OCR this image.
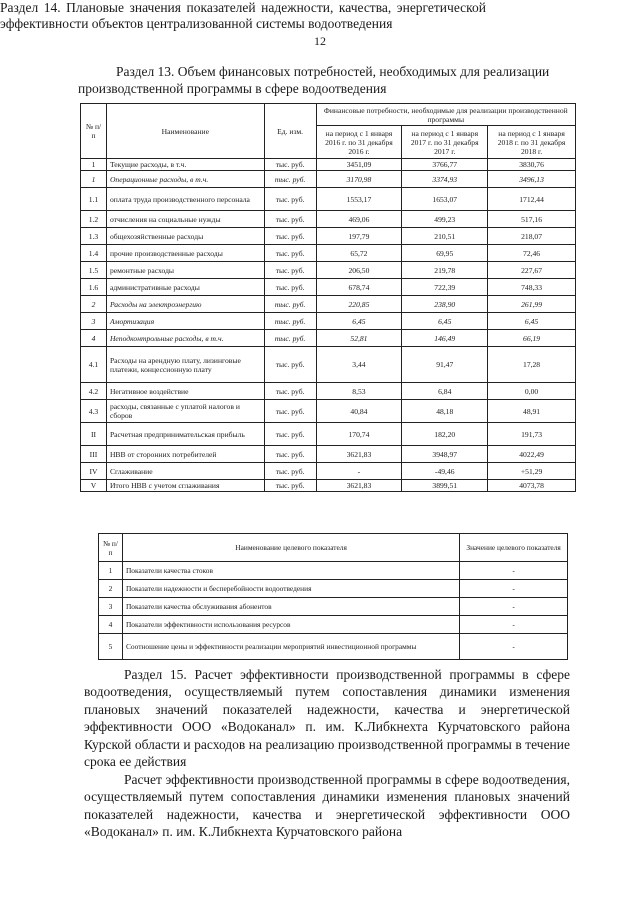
12
Раздел 13. Объем финансовых потребностей, необходимых для реализации
производственной программы в сфере водоотведения
№ п/п	Наименование	Ед. изм.	Финансовые потребности, необходимые для реализации производственной программы		
			на период с 1 января 2016 г. по 31 декабря 2016 г.	на период с 1 января 2017 г. по 31 декабря 2017 г.	на период с 1 января 2018 г. по 31 декабря 2018 г.
1	Текущие расходы, в т.ч.	тыс. руб.	3451,09	3766,77	3830,76
1	Операционные расходы, в т.ч.	тыс. руб.	3170,98	3374,93	3496,13
1.1	оплата труда производственного персонала	тыс. руб.	1553,17	1653,07	1712,44
1.2	отчисления на социальные нужды	тыс. руб.	469,06	499,23	517,16
1.3	общехозяйственные расходы	тыс. руб.	197,79	210,51	218,07
1.4	прочие производственные расходы	тыс. руб.	65,72	69,95	72,46
1.5	ремонтные расходы	тыс. руб.	206,50	219,78	227,67
1.6	административные расходы	тыс. руб.	678,74	722,39	748,33
2	Расходы на электроэнергию	тыс. руб.	220,85	238,90	261,99
3	Амортизация	тыс. руб.	6,45	6,45	6,45
4	Неподконтрольные расходы, в т.ч.	тыс. руб.	52,81	146,49	66,19
4.1	Расходы на арендную плату, лизинговые платежи, концессионную плату	тыс. руб.	3,44	91,47	17,28
4.2	Негативное воздействие	тыс. руб.	8,53	6,84	0,00
4.3	расходы, связанные с уплатой налогов и сборов	тыс. руб.	40,84	48,18	48,91
II	Расчетная предпринимательская прибыль	тыс. руб.	170,74	182,20	191,73
III	НВВ от сторонних потребителей	тыс. руб.	3621,83	3948,97	4022,49
IV	Сглаживание	тыс. руб.	-	-49,46	+51,29
V	Итого НВВ с учетом сглаживания	тыс. руб.	3621,83	3899,51	4073,78
Раздел 14. Плановые значения показателей надежности, качества, энергетической эффективности объектов централизованной системы водоотведения
№ п/п	Наименование целевого показателя	Значение целевого показателя
1	Показатели качества стоков	-
2	Показатели надежности и бесперебойности водоотведения	-
3	Показатели качества обслуживания абонентов	-
4	Показатели эффективности использования ресурсов	-
5	Соотношение цены и эффективности реализации мероприятий инвестиционной программы	-
Раздел 15. Расчет эффективности производственной программы в сфере водоотведения, осуществляемый путем сопоставления динамики изменения плановых значений показателей надежности, качества и энергетической эффективности ООО «Водоканал» п. им. К.Либкнехта Курчатовского района Курской области и расходов на реализацию производственной программы в течение срока ее действия
Расчет эффективности производственной программы в сфере водоотведения, осуществляемый путем сопоставления динамики изменения плановых значений показателей надежности, качества и энергетической эффективности ООО «Водоканал» п. им. К.Либкнехта Курчатовского района
